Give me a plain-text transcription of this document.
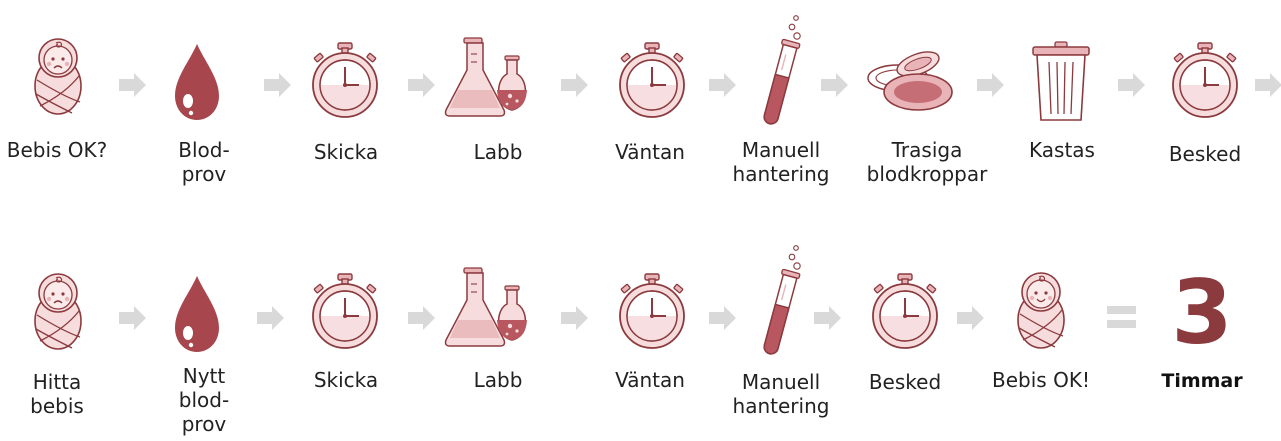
Bebis OK?	Blod-
prov
Skicka	Labb	Väntan	Manuell
hantering
Trasiga
blodkroppar
Kastas	Besked
Hitta
bebis
Nytt
blod-
prov
Skicka	Labb	Väntan	Manuell
hantering
Besked	Bebis OK!
3
Timmar
